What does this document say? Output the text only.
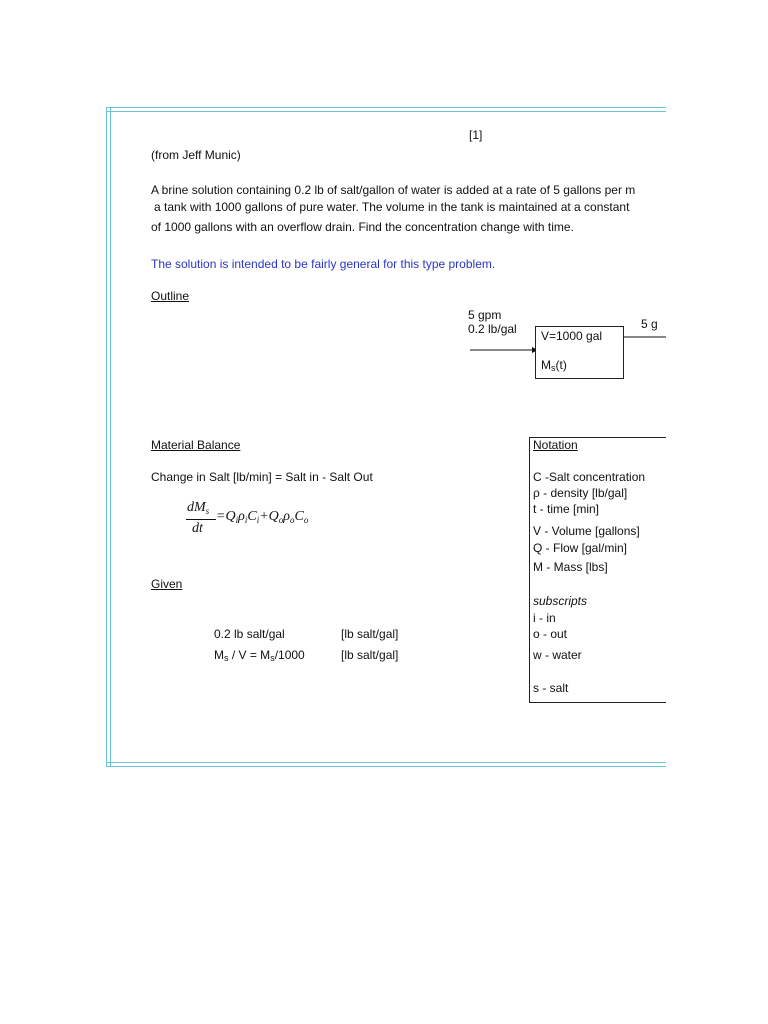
[1]
(from Jeff Munic)
A brine solution containing 0.2 lb of salt/gallon of water is added at a rate of 5 gallons per m
a tank with 1000 gallons of pure water. The volume in the tank is maintained at a constant
of 1000 gallons with an overflow drain. Find the concentration change with time.
The solution is intended to be fairly general for this type problem.
Outline
5 gpm
0.2 lb/gal V=1000 gal
Ms(t)
5 g
Material Balance
Change in Salt [lb/min] = Salt in - Salt Out
$dM_s$
dt
$=Q_i\rho_iC_i+Q_o\rho_oC_o$
Given
0.2 lb salt/gal	[lb salt/gal]
Ms / V = Ms/1000	[lb salt/gal]
Notation
C -Salt concentration
ρ - density [lb/gal]
t - time [min]
V - Volume [gallons]
Q - Flow [gal/min]
M - Mass [lbs]
subscripts
i - in
o - out
w - water
s - salt
